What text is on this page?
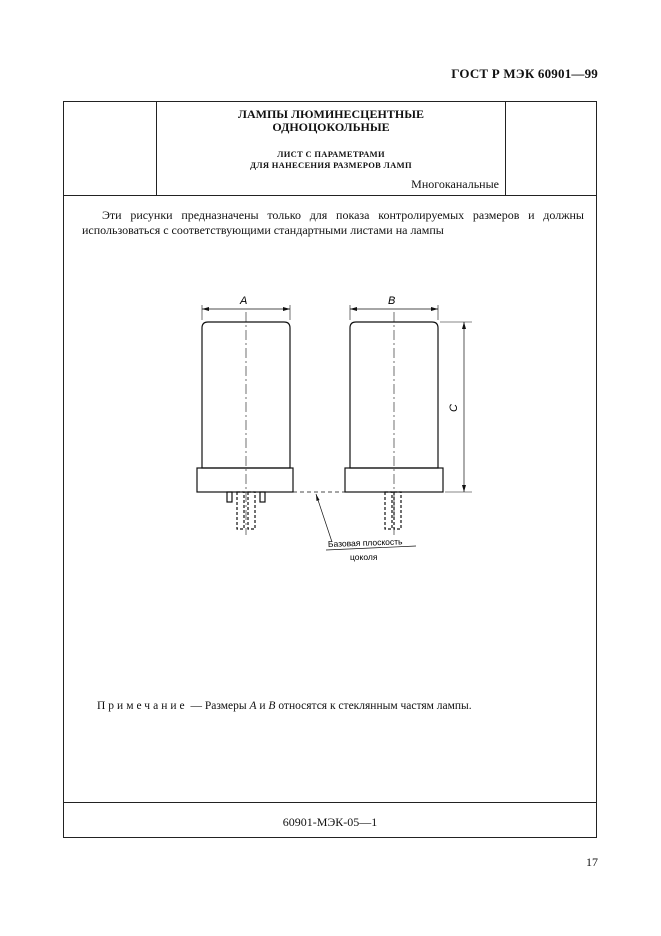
ГОСТ Р МЭК 60901—99
ЛАМПЫ ЛЮМИНЕСЦЕНТНЫЕ
ОДНОЦОКОЛЬНЫЕ
ЛИСТ С ПАРАМЕТРАМИ
ДЛЯ НАНЕСЕНИЯ РАЗМЕРОВ ЛАМП
Многоканальные
Эти рисунки предназначены только для показа контролируемых размеров и должны использоваться с соответствующими стандартными листами на лампы
Примечание — Размеры A и B относятся к стеклянным частям лампы.
60901-МЭК-05—1
A	B
C
Базовая плоскость
цоколя
17
